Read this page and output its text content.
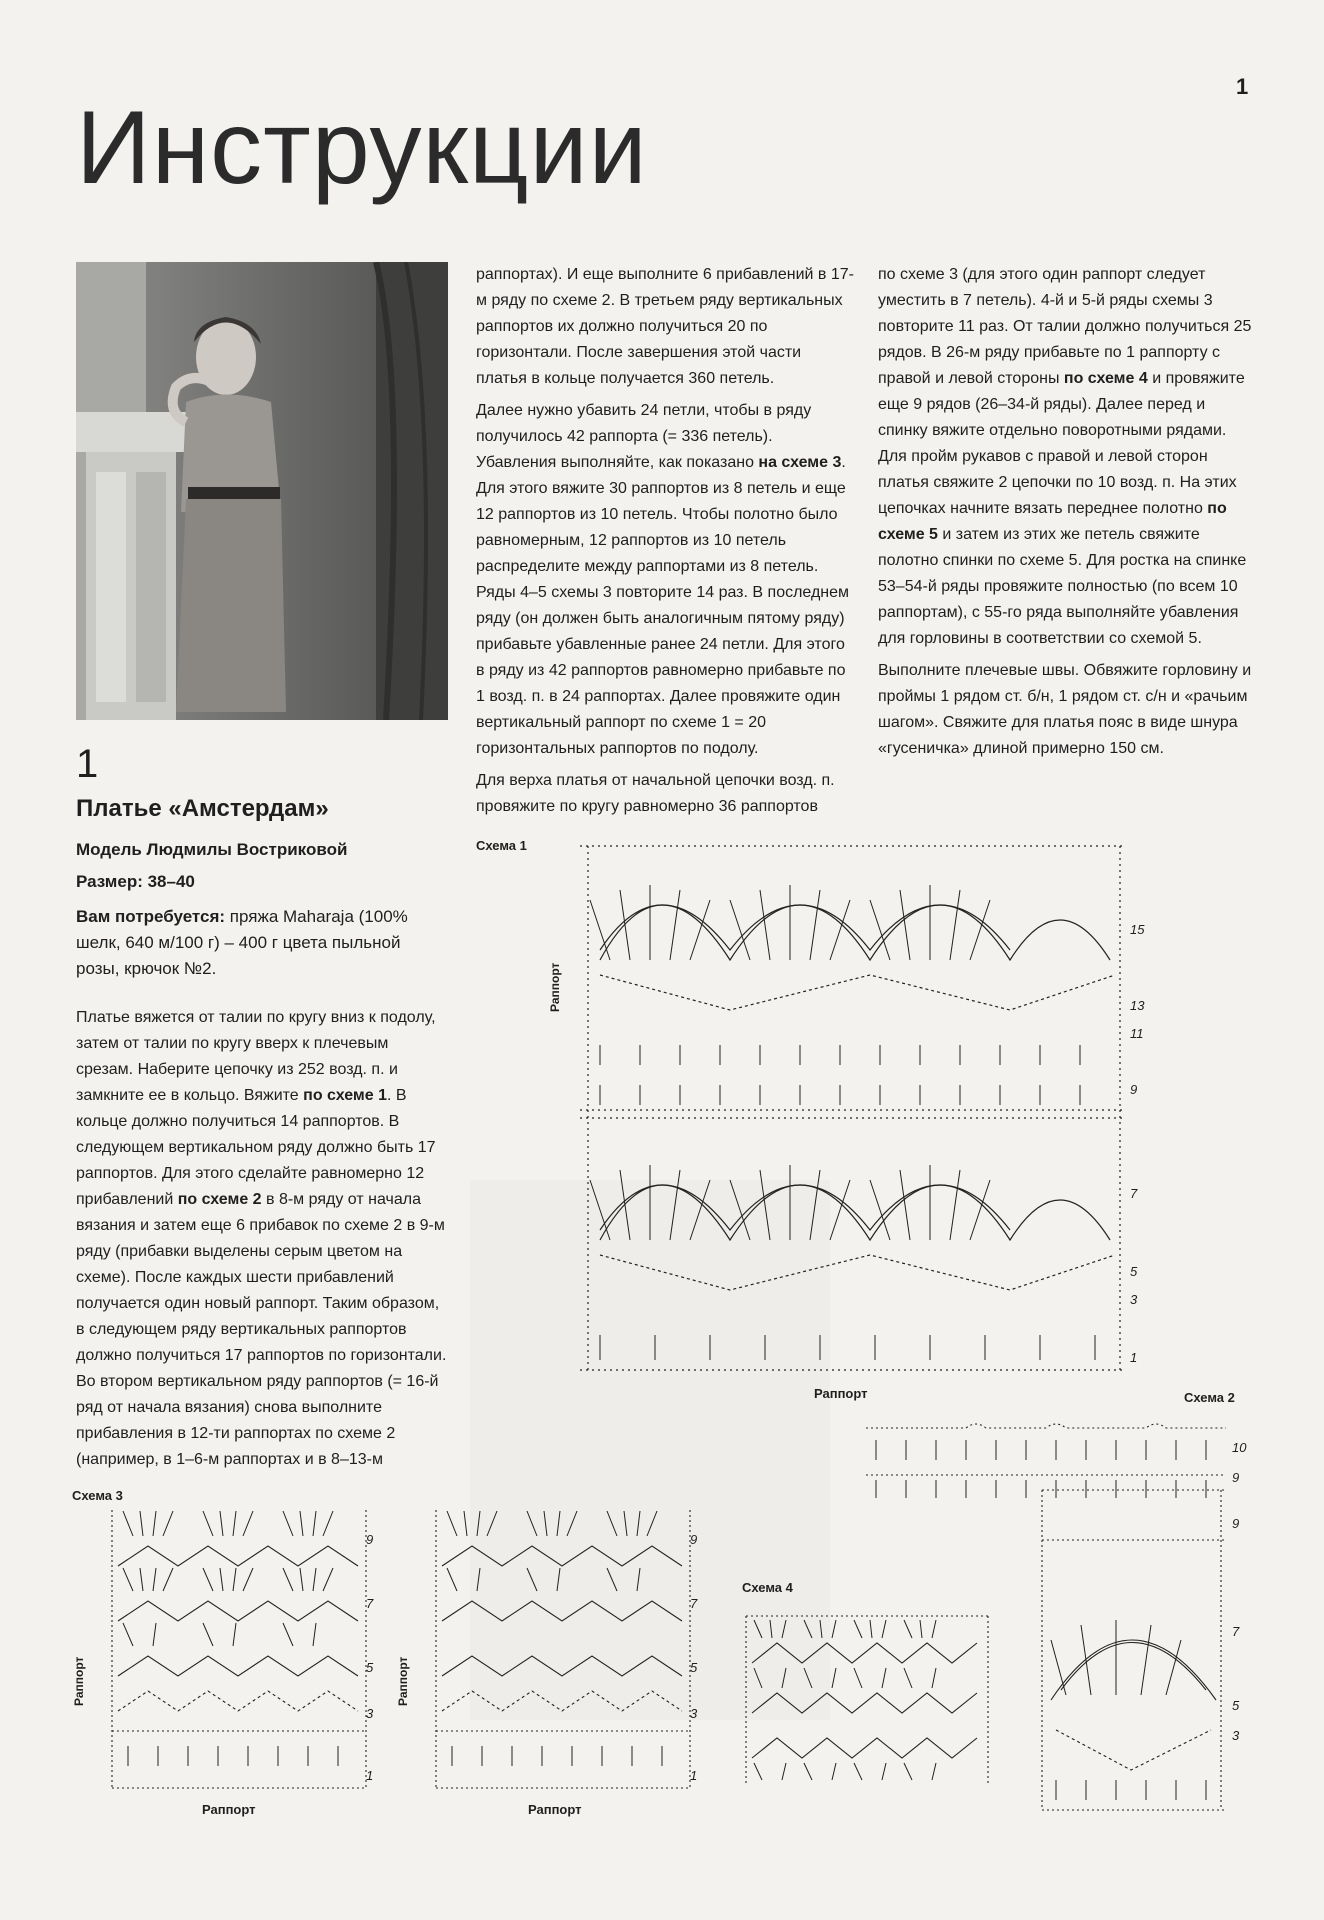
1
Инструкции
1
Платье «Амстердам»
Модель Людмилы Востриковой
Размер: 38–40
Вам потребуется: пряжа Maharaja (100% шелк, 640 м/100 г) – 400 г цвета пыльной розы, крючок №2.

Платье вяжется от талии по кругу вниз к подолу, затем от талии по кругу вверх к плечевым срезам. Наберите цепочку из 252 возд. п. и замкните ее в кольцо. Вяжите по схеме 1. В кольце должно получиться 14 раппортов. В следующем вертикальном ряду должно быть 17 раппортов. Для этого сделайте равномерно 12 прибавлений по схеме 2 в 8-м ряду от начала вязания и затем еще 6 прибавок по схеме 2 в 9-м ряду (прибавки выделены серым цветом на схеме). После каждых шести прибавлений получается один новый раппорт. Таким образом, в следующем ряду вертикальных раппортов должно получиться 17 раппортов по горизонтали. Во втором вертикальном ряду раппортов (= 16-й ряд от начала вязания) снова выполните прибавления в 12-ти раппортах по схеме 2 (например, в 1–6-м раппортах и в 8–13-м

раппортах). И еще выполните 6 прибавлений в 17-м ряду по схеме 2. В третьем ряду вертикальных раппортов их должно получиться 20 по горизонтали. После завершения этой части платья в кольце получается 360 петель.

Далее нужно убавить 24 петли, чтобы в ряду получилось 42 раппорта (= 336 петель). Убавления выполняйте, как показано на схеме 3. Для этого вяжите 30 раппортов из 8 петель и еще 12 раппортов из 10 петель. Чтобы полотно было равномерным, 12 раппортов из 10 петель распределите между раппортами из 8 петель. Ряды 4–5 схемы 3 повторите 14 раз. В последнем ряду (он должен быть аналогичным пятому ряду) прибавьте убавленные ранее 24 петли. Для этого в ряду из 42 раппортов равномерно прибавьте по 1 возд. п. в 24 раппортах. Далее провяжите один вертикальный раппорт по схеме 1 = 20 горизонтальных раппортов по подолу.

Для верха платья от начальной цепочки возд. п. провяжите по кругу равномерно 36 раппортов

по схеме 3 (для этого один раппорт следует уместить в 7 петель). 4-й и 5-й ряды схемы 3 повторите 11 раз. От талии должно получиться 25 рядов. В 26-м ряду прибавьте по 1 раппорту с правой и левой стороны по схеме 4 и провяжите еще 9 рядов (26–34-й ряды). Далее перед и спинку вяжите отдельно поворотными рядами. Для пройм рукавов с правой и левой сторон платья свяжите 2 цепочки по 10 возд. п. На этих цепочках начните вязать переднее полотно по схеме 5 и затем из этих же петель свяжите полотно спинки по схеме 5. Для ростка на спинке 53–54-й ряды провяжите полностью (по всем 10 раппортам), с 55-го ряда выполняйте убавления для горловины в соответствии со схемой 5.

Выполните плечевые швы. Обвяжите горловину и проймы 1 рядом ст. б/н, 1 рядом ст. с/н и «рачьим шагом». Свяжите для платья пояс в виде шнура «гусеничка» длиной примерно 150 см.

Схема 1
Раппорт
15
13
11
9
7
5
3
1
Раппорт	Схема 2
10
9
9
7
5
3
Схема 3
Раппорт
9
7
5
3
1
Раппорт
Раппорт
9
7
5
3
1
Раппорт
Схема 4
